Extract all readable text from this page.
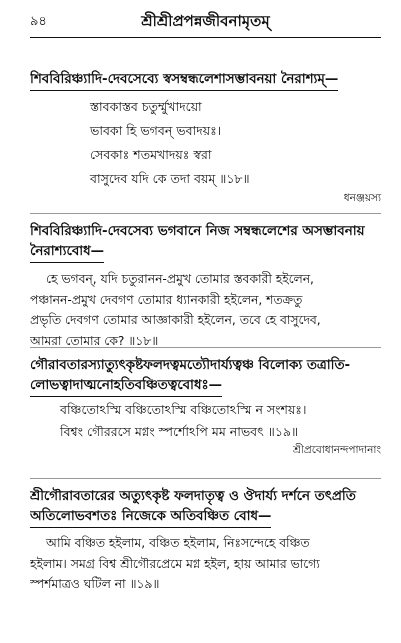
৯৪	শ্রীশ্রীপ্রপন্নজীবনামৃতম্
শিববিরিঞ্চ্যাদি-দেবসেব্যে স্বসম্বন্ধলেশাসম্ভাবনয়া নৈরাশ্যম্—
স্তাবকাস্তব চতুর্ম্মুখাদয়ো
ভাবকা হি ভগবন্ ভবাদয়ঃ।
সেবকাঃ শতমখাদয়ঃ স্বরা
বাসুদেব যদি কে তদা বয়ম্ ॥১৮॥
ধনঞ্জয়স্য
শিববিরিঞ্চ্যাদি-দেবসেব্য ভগবানে নিজ সম্বন্ধলেশের অসম্ভাবনায়
নৈরাশ্যবোধ—
হে ভগবন্, যদি চতুরানন-প্রমুখ তোমার স্তবকারী হইলেন,
পঞ্চানন-প্রমুখ দেবগণ তোমার ধ্যানকারী হইলেন, শতক্রতু
প্রভৃতি দেবগণ তোমার আজ্ঞাকারী হইলেন, তবে হে বাসুদেব,
আমরা তোমার কে? ॥১৮॥
গৌরাবতারস্যাত্যুৎকৃষ্টফলদত্বমত্যৌদার্য্যত্বঞ্চ বিলোক্য তত্রাতি-
লোভত্বাদাত্মনোহতিবঞ্চিতত্ববোধঃ—
বঞ্চিতোঽস্মি বঞ্চিতোঽস্মি বঞ্চিতোঽস্মি ন সংশয়ঃ।
বিশ্বং গৌররসে মগ্নং স্পর্শোঽপি মম নাভবৎ ॥১৯॥
শ্রীপ্রবোধানন্দপাদানাং
শ্রীগৌরাবতারের অত্যুৎকৃষ্ট ফলদাতৃত্ব ও ঔদার্য্য দর্শনে তৎপ্রতি
অতিলোভবশতঃ নিজেকে অতিবঞ্চিত বোধ—
আমি বঞ্চিত হইলাম, বঞ্চিত হইলাম, নিঃসন্দেহে বঞ্চিত
হইলাম। সমগ্র বিশ্ব শ্রীগৌরপ্রেমে মগ্ন হইল, হায় আমার ভাগ্যে
স্পর্শমাত্রও ঘটিল না ॥১৯॥
